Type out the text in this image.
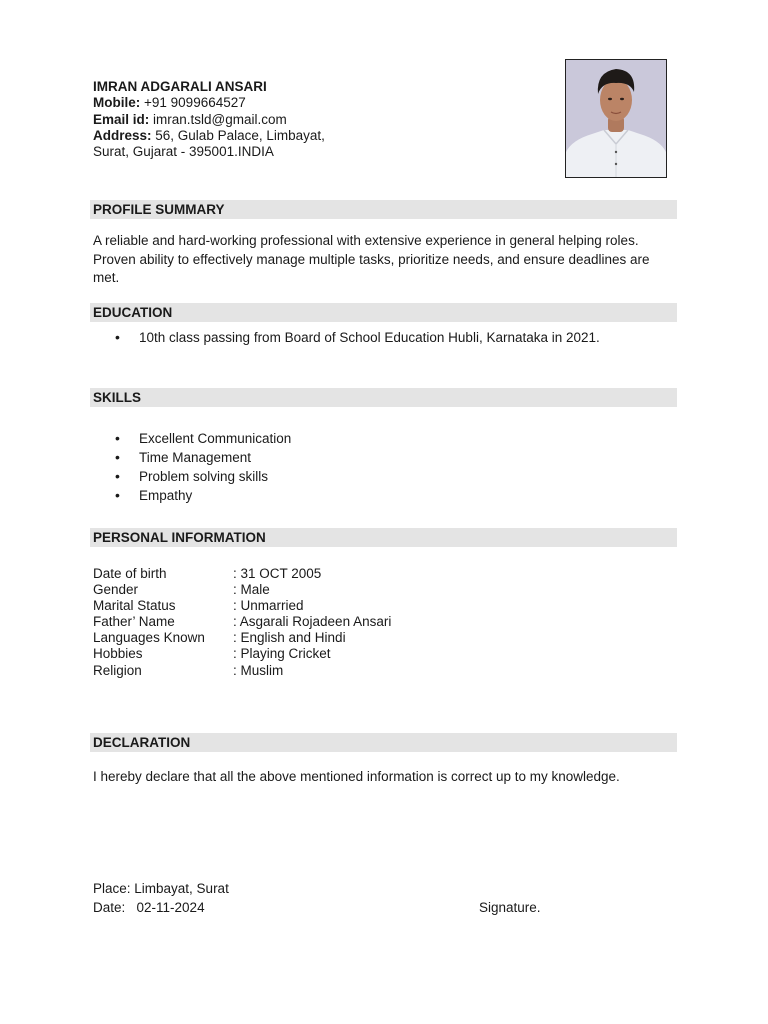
IMRAN ADGARALI ANSARI
Mobile: +91 9099664527
Email id: imran.tsld@gmail.com
Address: 56, Gulab Palace, Limbayat,
Surat, Gujarat - 395001.INDIA
PROFILE SUMMARY
A reliable and hard-working professional with extensive experience in general helping roles. Proven ability to effectively manage multiple tasks, prioritize needs, and ensure deadlines are met.
EDUCATION
• 10th class passing from Board of School Education Hubli, Karnataka in 2021.
SKILLS
• Excellent Communication
• Time Management
• Problem solving skills
• Empathy
PERSONAL INFORMATION
Date of birth	: 31 OCT 2005
Gender	: Male
Marital Status	: Unmarried
Father’ Name	: Asgarali Rojadeen Ansari
Languages Known	: English and Hindi
Hobbies	: Playing Cricket
Religion	: Muslim
DECLARATION
I hereby declare that all the above mentioned information is correct up to my knowledge.
Place: Limbayat, Surat
Date:   02-11-2024	Signature.
